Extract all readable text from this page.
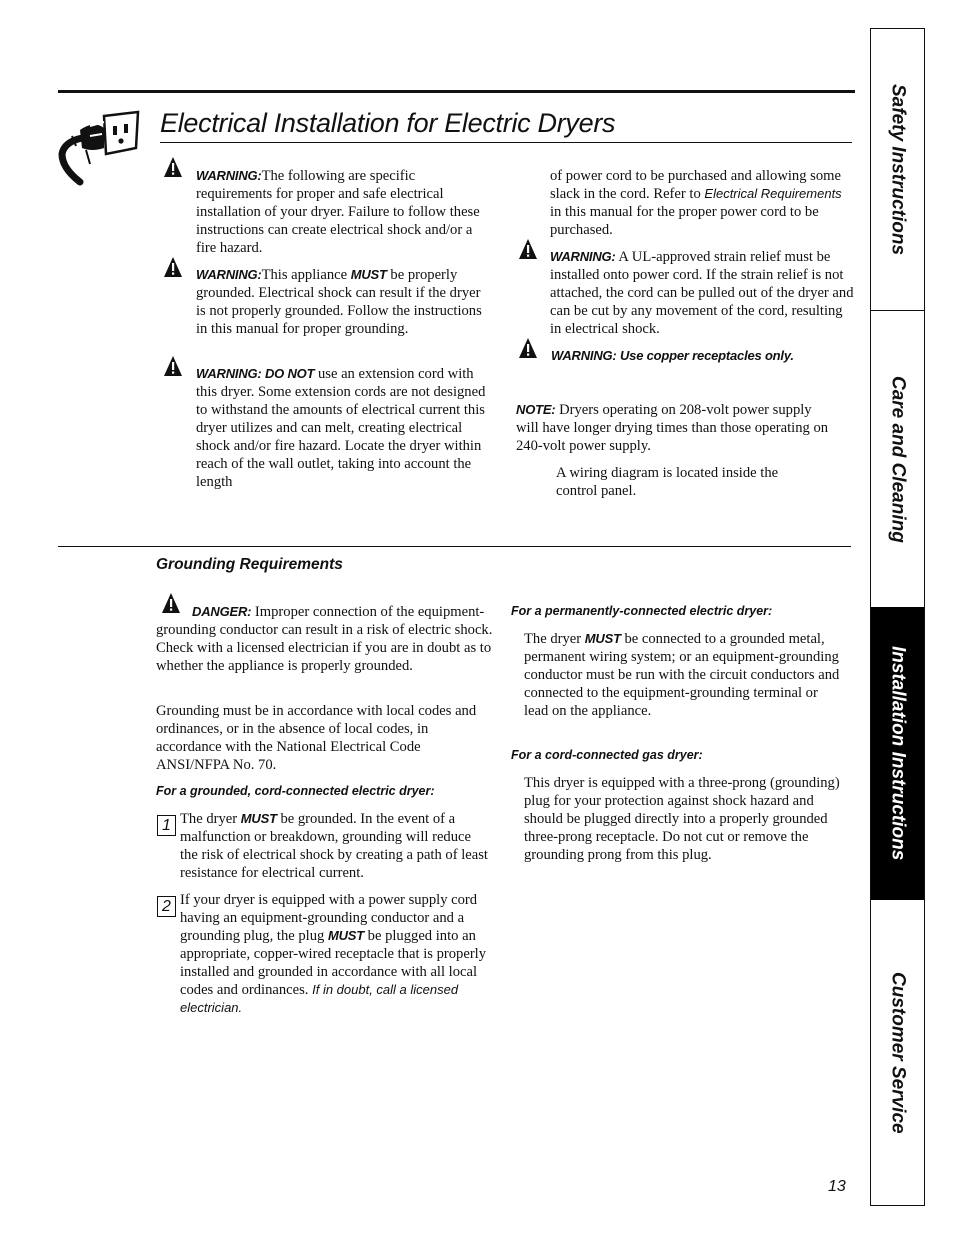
Electrical Installation for Electric Dryers
WARNING:The following are specific requirements for proper and safe electrical installation of your dryer. Failure to follow these instructions can create electrical shock and/or a fire hazard.
WARNING:This appliance MUST be properly grounded. Electrical shock can result if the dryer is not properly grounded. Follow the instructions in this manual for proper grounding.
WARNING: DO NOT use an extension cord with this dryer. Some extension cords are not designed to withstand the amounts of electrical current this dryer utilizes and can melt, creating electrical shock and/or fire hazard. Locate the dryer within reach of the wall outlet, taking into account the length
of power cord to be purchased and allowing some slack in the cord. Refer to Electrical Requirements in this manual for the proper power cord to be purchased.
WARNING: A UL-approved strain relief must be installed onto power cord. If the strain relief is not attached, the cord can be pulled out of the dryer and can be cut by any movement of the cord, resulting in electrical shock.
WARNING: Use copper receptacles only.
NOTE: Dryers operating on 208-volt power supply will have longer drying times than those operating on 240-volt power supply.
A wiring diagram is located inside the control panel.
Grounding Requirements
DANGER: Improper connection of the equipment-grounding conductor can result in a risk of electric shock. Check with a licensed electrician if you are in doubt as to whether the appliance is properly grounded.
Grounding must be in accordance with local codes and ordinances, or in the absence of local codes, in accordance with the National Electrical Code ANSI/NFPA No. 70.
For a grounded, cord-connected electric dryer:
1 The dryer MUST be grounded. In the event of a malfunction or breakdown, grounding will reduce the risk of electrical shock by creating a path of least resistance for electrical current.
2 If your dryer is equipped with a power supply cord having an equipment-grounding conductor and a grounding plug, the plug MUST be plugged into an appropriate, copper-wired receptacle that is properly installed and grounded in accordance with all local codes and ordinances. If in doubt, call a licensed electrician.
For a permanently-connected electric dryer:
The dryer MUST be connected to a grounded metal, permanent wiring system; or an equipment-grounding conductor must be run with the circuit conductors and connected to the equipment-grounding terminal or lead on the appliance.
For a cord-connected gas dryer:
This dryer is equipped with a three-prong (grounding) plug for your protection against shock hazard and should be plugged directly into a properly grounded three-prong receptacle. Do not cut or remove the grounding prong from this plug.
Safety Instructions
Care and Cleaning
Installation Instructions
Customer Service
13
